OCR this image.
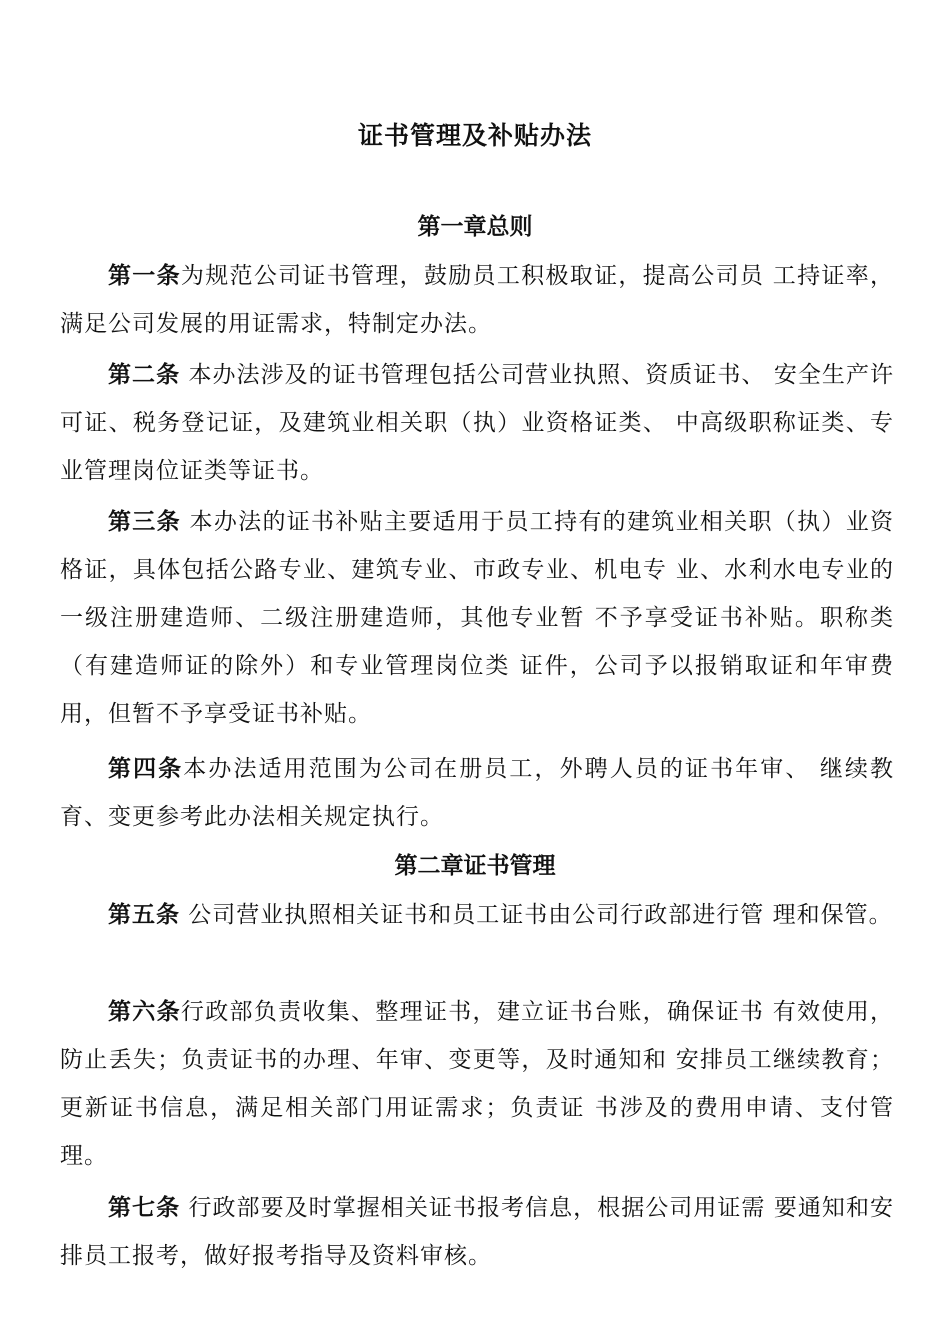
证书管理及补贴办法
第一章总则

第一条为规范公司证书管理，鼓励员工积极取证，提高公司员 工持证率，满足公司发展的用证需求，特制定办法。

第二条 本办法涉及的证书管理包括公司营业执照、资质证书、 安全生产许可证、税务登记证，及建筑业相关职（执）业资格证类、 中高级职称证类、专业管理岗位证类等证书。

第三条 本办法的证书补贴主要适用于员工持有的建筑业相关职（执）业资格证，具体包括公路专业、建筑专业、市政专业、机电专 业、水利水电专业的一级注册建造师、二级注册建造师，其他专业暂 不予享受证书补贴。职称类（有建造师证的除外）和专业管理岗位类 证件，公司予以报销取证和年审费用，但暂不予享受证书补贴。

第四条本办法适用范围为公司在册员工，外聘人员的证书年审、 继续教育、变更参考此办法相关规定执行。

第二章证书管理

第五条 公司营业执照相关证书和员工证书由公司行政部进行管 理和保管。

第六条行政部负责收集、整理证书，建立证书台账，确保证书 有效使用，防止丢失；负责证书的办理、年审、变更等，及时通知和 安排员工继续教育；更新证书信息，满足相关部门用证需求；负责证 书涉及的费用申请、支付管理。

第七条 行政部要及时掌握相关证书报考信息，根据公司用证需 要通知和安排员工报考，做好报考指导及资料审核。
